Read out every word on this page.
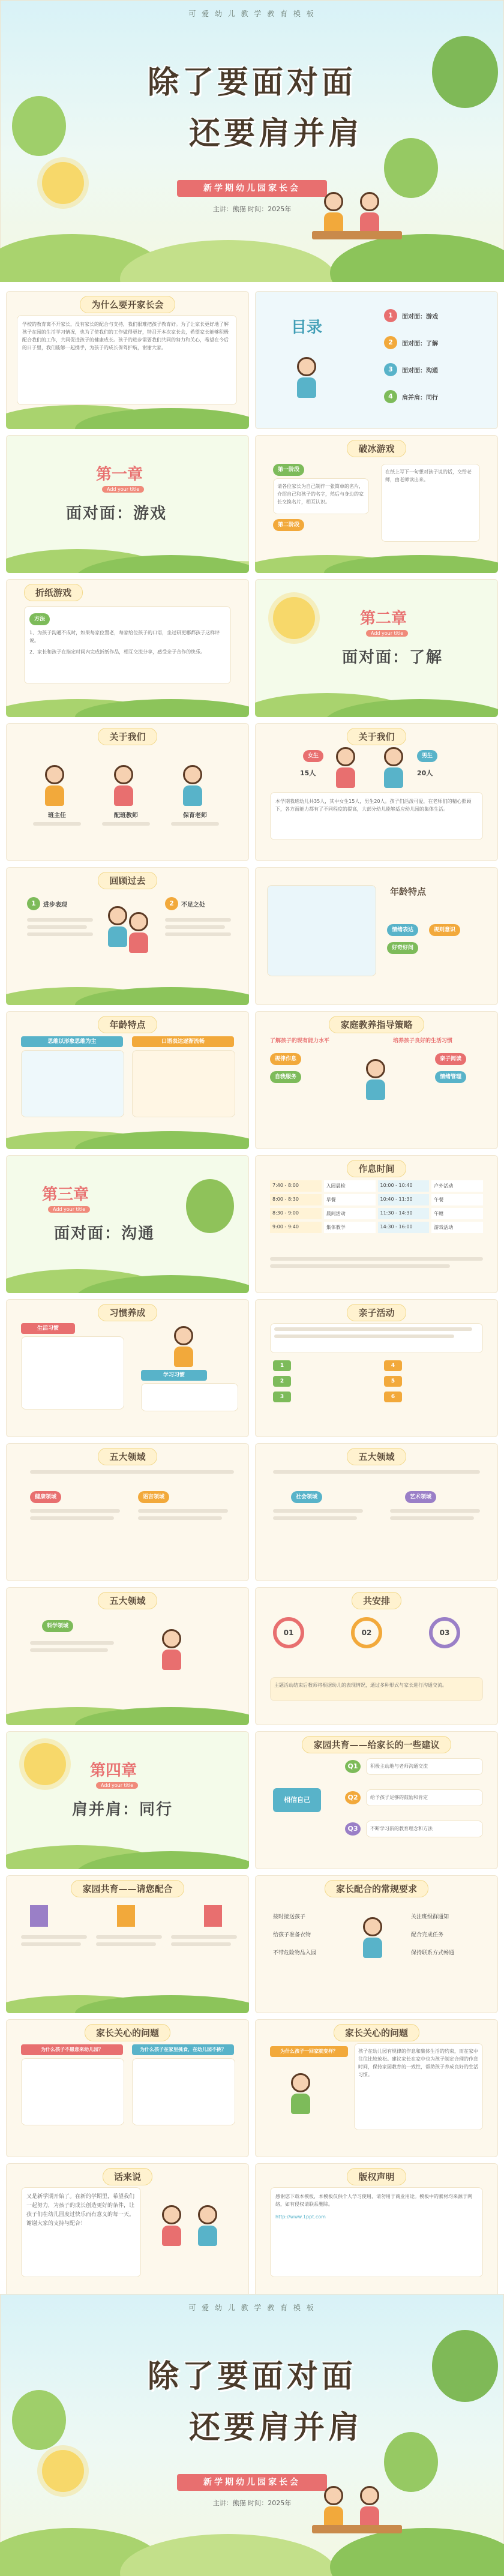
可 爱 幼 儿 教 学 教 育 模 板
除了要面对面
还要肩并肩
新学期幼儿园家长会
主讲：熊猫 时间：2025年
为什么要开家长会
学校的教育离不开家长，没有家长的配合与支持，我们很难把孩子教育好。为了让家长更好地了解孩子在园的生活学习情况，也为了使我们的工作做得更好，特召开本次家长会，希望家长能够积极配合我们的工作，共同促进孩子的健康成长。孩子的进步需要我们共同的努力和关心，希望在今后的日子里，我们能够一起携手，为孩子的成长保驾护航，谢谢大家。
目录
1	面对面：游戏
2	面对面：了解
3	面对面：沟通
4	肩并肩：同行
第一章
Add your title
面对面：游戏
破冰游戏
第一阶段
请各位家长为自己制作一张简单的名片，介绍自己和孩子的名字，然后与身边的家长交换名片，相互认识。
第二阶段
在纸上写下一句想对孩子说的话，交给老师，由老师读出来。
折纸游戏
方法
1、为孩子沟通不成时，如果每家位置老，每家给位孩子的口语，坐过研更哪都孩子这样评说。
2、家长和孩子在指定时间内完成折纸作品，相互交流分享，感受亲子合作的快乐。
第二章
Add your title
面对面：了解
关于我们
班主任	配班教师	保育老师
关于我们
女生	男生
15人	20人
本学期我班幼儿共35人，其中女生15人，男生20人。孩子们活泼可爱，在老师们的精心照顾下，各方面能力都有了不同程度的提高，大部分幼儿能够适应幼儿园的集体生活。
回顾过去
1	进步表现	2	不足之处
年龄特点
情绪表达	规则意识
好奇好问
年龄特点
思维以形象思维为主	口语表达逐渐流畅
家庭教养指导策略
了解孩子的现有能力水平	培养孩子良好的生活习惯
规律作息
自我服务
亲子阅读
情绪管理
第三章
Add your title
面对面：沟通
作息时间
7:40 - 8:00	入园晨检	10:00 - 10:40	户外活动
8:00 - 8:30	早餐	10:40 - 11:30	午餐
8:30 - 9:00	晨间活动	11:30 - 14:30	午睡
9:00 - 9:40	集体教学	14:30 - 16:00	游戏活动
习惯养成
生活习惯
学习习惯
亲子活动
1
2
3
4
5
6
五大领域
健康领域	语言领域
五大领域
社会领域	艺术领域
五大领域
科学领域
共安排
01	02	03
主题活动结束后教师将根据幼儿的表现情况，通过多种形式与家长进行沟通交流。
第四章
Add your title
肩并肩：同行
家园共育——给家长的一些建议
相信自己
Q1	积极主动地与老师沟通交流
Q2	给予孩子足够的鼓励和肯定
Q3	不断学习新的教育理念和方法
家园共育——请您配合	家长配合的常规要求
按时接送孩子
给孩子准备衣物
不带危险物品入园
关注班级群通知
配合完成任务
保持联系方式畅通
家长关心的问题
为什么孩子不愿意来幼儿园？	为什么孩子在家里挑食，在幼儿园不挑？
家长关心的问题
为什么孩子一回家就变样？	孩子在幼儿园有规律的作息和集体生活的约束，而在家中往往比较放松。建议家长在家中也为孩子制定合理的作息时间，保持家园教育的一致性，帮助孩子养成良好的生活习惯。
话来说
又是新学期开始了。在新的学期里，希望我们一起努力，为孩子的成长创造更好的条件，让孩子们在幼儿园度过快乐而有意义的每一天。谢谢大家的支持与配合！
版权声明
感谢您下载本模板，本模板仅供个人学习使用，请勿用于商业用途。模板中的素材均来源于网络，如有侵权请联系删除。
http://www.1ppt.com
可 爱 幼 儿 教 学 教 育 模 板
除了要面对面
还要肩并肩
新学期幼儿园家长会
主讲：熊猫 时间：2025年
